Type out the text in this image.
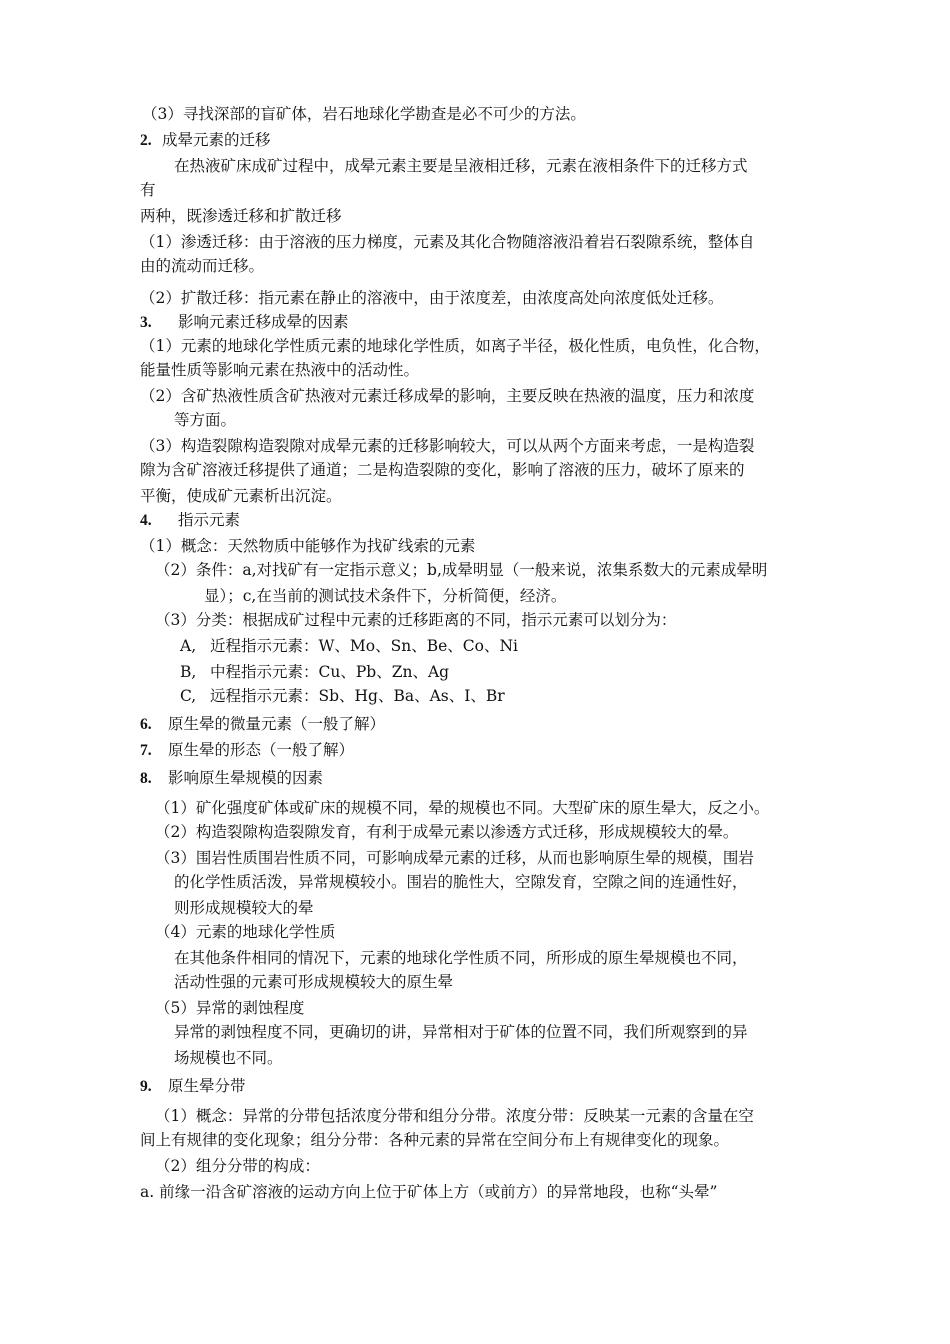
（3）寻找深部的盲矿体，岩石地球化学勘查是必不可少的方法。
2. 成晕元素的迁移
在热液矿床成矿过程中，成晕元素主要是呈液相迁移，元素在液相条件下的迁移方式
有
两种，既渗透迁移和扩散迁移
（1）渗透迁移：由于溶液的压力梯度，元素及其化合物随溶液沿着岩石裂隙系统，整体自
由的流动而迁移。
（2）扩散迁移：指元素在静止的溶液中，由于浓度差，由浓度高处向浓度低处迁移。
3. 影响元素迁移成晕的因素
（1）元素的地球化学性质元素的地球化学性质，如离子半径，极化性质，电负性，化合物，
能量性质等影响元素在热液中的活动性。
（2）含矿热液性质含矿热液对元素迁移成晕的影响，主要反映在热液的温度，压力和浓度
等方面。
（3）构造裂隙构造裂隙对成晕元素的迁移影响较大，可以从两个方面来考虑，一是构造裂
隙为含矿溶液迁移提供了通道；二是构造裂隙的变化，影响了溶液的压力，破坏了原来的
平衡，使成矿元素析出沉淀。
4. 指示元素
（1）概念：天然物质中能够作为找矿线索的元素
（2）条件：a,对找矿有一定指示意义；b,成晕明显（一般来说，浓集系数大的元素成晕明
显）；c,在当前的测试技术条件下，分析简便，经济。
（3）分类：根据成矿过程中元素的迁移距离的不同，指示元素可以划分为：
A, 近程指示元素：W、Mo、Sn、Be、Co、Ni
B, 中程指示元素：Cu、Pb、Zn、Ag
C, 远程指示元素：Sb、Hg、Ba、As、I、Br
6. 原生晕的微量元素（一般了解）
7. 原生晕的形态（一般了解）
8. 影响原生晕规模的因素
（1）矿化强度矿体或矿床的规模不同，晕的规模也不同。大型矿床的原生晕大，反之小。
（2）构造裂隙构造裂隙发育，有利于成晕元素以渗透方式迁移，形成规模较大的晕。
（3）围岩性质围岩性质不同，可影响成晕元素的迁移，从而也影响原生晕的规模，围岩
的化学性质活泼，异常规模较小。围岩的脆性大，空隙发育，空隙之间的连通性好，
则形成规模较大的晕
（4）元素的地球化学性质
在其他条件相同的情况下，元素的地球化学性质不同，所形成的原生晕规模也不同，
活动性强的元素可形成规模较大的原生晕
（5）异常的剥蚀程度
异常的剥蚀程度不同，更确切的讲，异常相对于矿体的位置不同，我们所观察到的异
场规模也不同。
9. 原生晕分带
（1）概念：异常的分带包括浓度分带和组分分带。浓度分带：反映某一元素的含量在空
间上有规律的变化现象；组分分带：各种元素的异常在空间分布上有规律变化的现象。
（2）组分分带的构成：
a. 前缘一沿含矿溶液的运动方向上位于矿体上方（或前方）的异常地段，也称“头晕”
